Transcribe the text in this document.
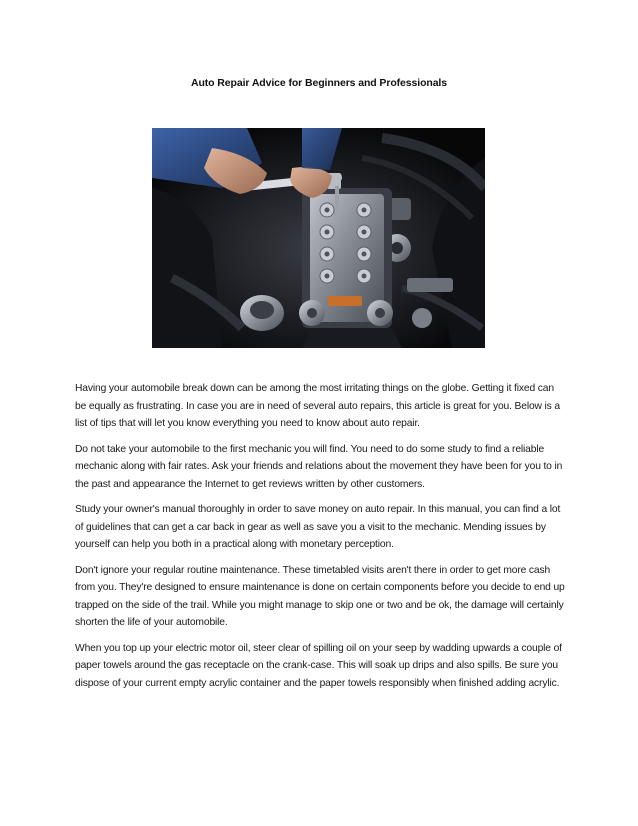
Auto Repair Advice for Beginners and Professionals

Having your automobile break down can be among the most irritating things on the globe. Getting it fixed can be equally as frustrating. In case you are in need of several auto repairs, this article is great for you. Below is a list of tips that will let you know everything you need to know about auto repair.

Do not take your automobile to the first mechanic you will find. You need to do some study to find a reliable mechanic along with fair rates. Ask your friends and relations about the movement they have been for you to in the past and appearance the Internet to get reviews written by other customers.

Study your owner's manual thoroughly in order to save money on auto repair. In this manual, you can find a lot of guidelines that can get a car back in gear as well as save you a visit to the mechanic. Mending issues by yourself can help you both in a practical along with monetary perception.

Don't ignore your regular routine maintenance. These timetabled visits aren't there in order to get more cash from you. They're designed to ensure maintenance is done on certain components before you decide to end up trapped on the side of the trail. While you might manage to skip one or two and be ok, the damage will certainly shorten the life of your automobile.

When you top up your electric motor oil, steer clear of spilling oil on your seep by wadding upwards a couple of paper towels around the gas receptacle on the crank-case. This will soak up drips and also spills. Be sure you dispose of your current empty acrylic container and the paper towels responsibly when finished adding acrylic.
